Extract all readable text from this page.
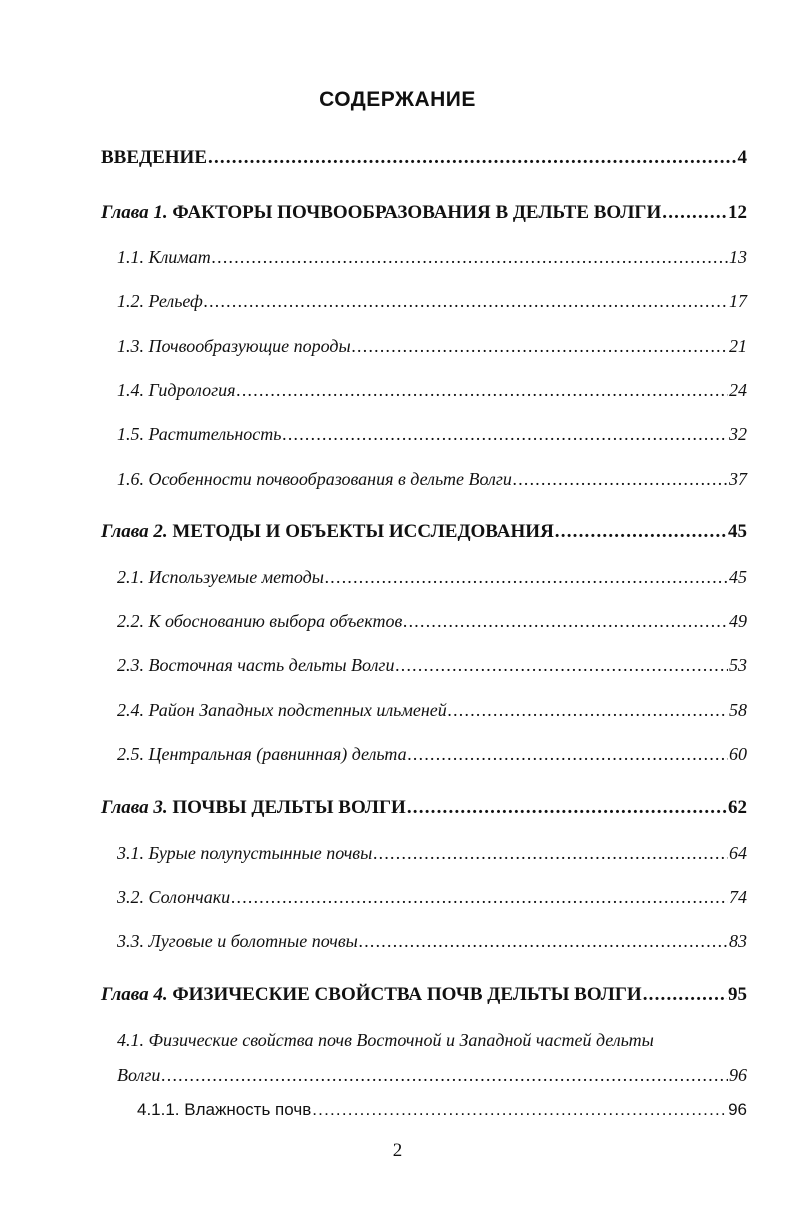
СОДЕРЖАНИЕ
ВВЕДЕНИЕ .....	4
Глава 1. ФАКТОРЫ ПОЧВООБРАЗОВАНИЯ В ДЕЛЬТЕ ВОЛГИ .....	12
1.1. Климат .....	13
1.2. Рельеф .....	17
1.3. Почвообразующие породы .....	21
1.4. Гидрология .....	24
1.5. Растительность .....	32
1.6. Особенности почвообразования в дельте Волги .....	37
Глава 2. МЕТОДЫ И ОБЪЕКТЫ ИССЛЕДОВАНИЯ .....	45
2.1. Используемые методы .....	45
2.2. К обоснованию выбора объектов .....	49
2.3. Восточная часть дельты Волги .....	53
2.4. Район Западных подстепных ильменей .....	58
2.5. Центральная (равнинная) дельта .....	60
Глава 3. ПОЧВЫ ДЕЛЬТЫ ВОЛГИ .....	62
3.1. Бурые полупустынные почвы .....	64
3.2. Солончаки .....	74
3.3. Луговые и болотные почвы .....	83
Глава 4. ФИЗИЧЕСКИЕ СВОЙСТВА ПОЧВ ДЕЛЬТЫ ВОЛГИ .....	95
4.1. Физические свойства почв Восточной и Западной частей дельты
Волги .....	96
4.1.1. Влажность почв .....	96
2
